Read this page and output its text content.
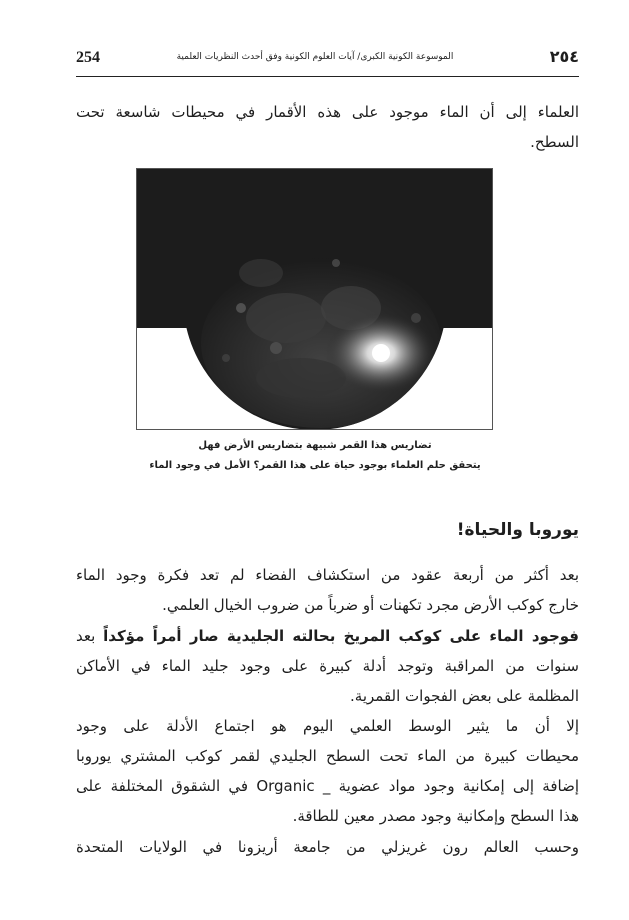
254	الموسوعة الكونية الكبرى/ آيات العلوم الكونية وفق أحدث النظريات العلمية	٢٥٤
العلماء إلى أن الماء موجود على هذه الأقمار في محيطات شاسعة تحت
السطح.
تضاريس هذا القمر شبيهة بتضاريس الأرض فهل
يتحقق حلم العلماء بوجود حياة على هذا القمر؟ الأمل في وجود الماء
يوروبا والحياة!
بعد أكثر من أربعة عقود من استكشاف الفضاء لم تعد فكرة وجود الماء
خارج كوكب الأرض مجرد تكهنات أو ضرباً من ضروب الخيال العلمي.
فوجود الماء على كوكب المريخ بحالته الجليدية صار أمراً مؤكداً بعد
سنوات من المراقبة وتوجد أدلة كبيرة على وجود جليد الماء في الأماكن
المظلمة على بعض الفجوات القمرية.
إلا أن ما يثير الوسط العلمي اليوم هو اجتماع الأدلة على وجود
محيطات كبيرة من الماء تحت السطح الجليدي لقمر كوكب المشتري يوروبا
إضافة إلى إمكانية وجود مواد عضوية _ Organic في الشقوق المختلفة على
هذا السطح وإمكانية وجود مصدر معين للطاقة.
وحسب العالم رون غريزلي من جامعة أريزونا في الولايات المتحدة
